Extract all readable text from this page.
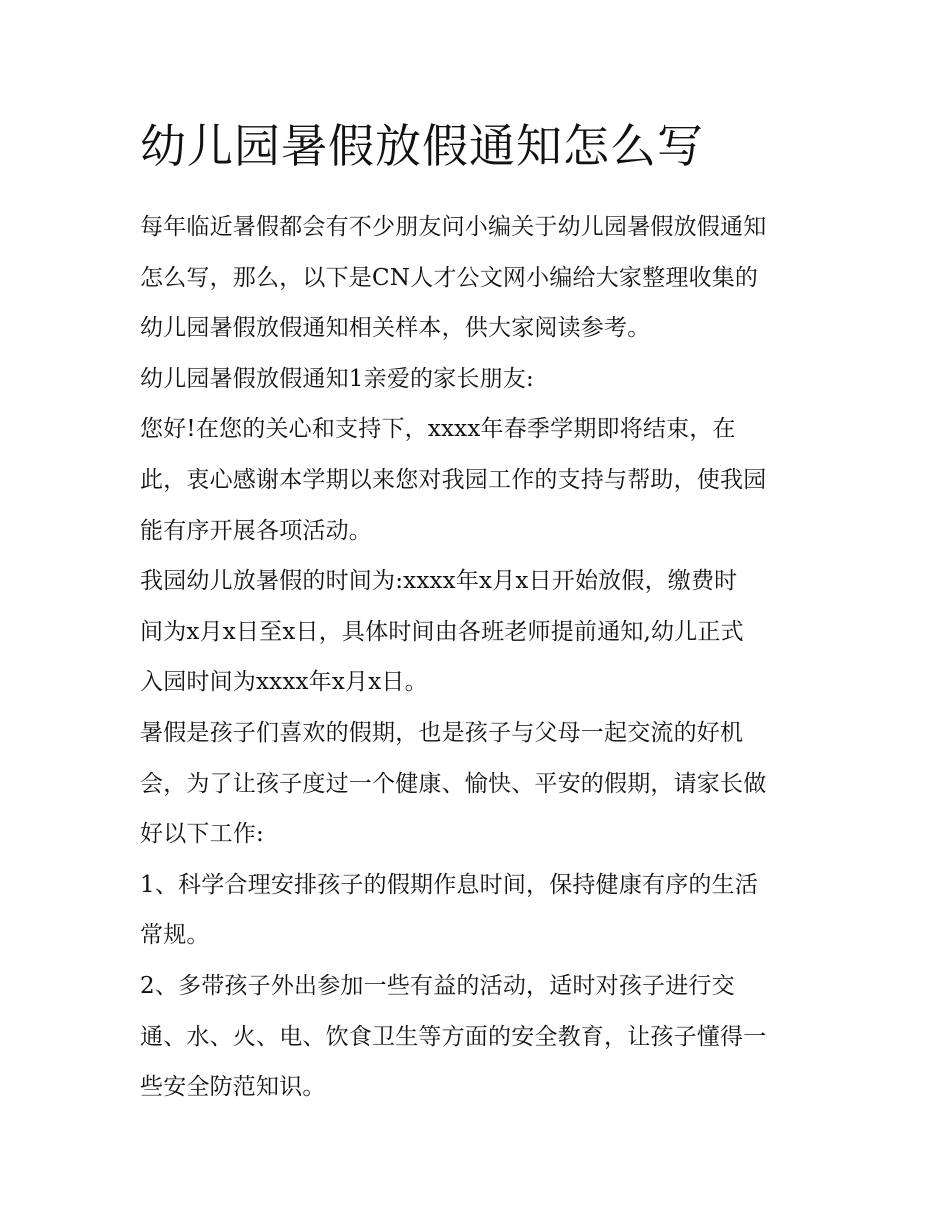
幼儿园暑假放假通知怎么写

每年临近暑假都会有不少朋友问小编关于幼儿园暑假放假通知
怎么写，那么，以下是CN人才公文网小编给大家整理收集的
幼儿园暑假放假通知相关样本，供大家阅读参考。

幼儿园暑假放假通知1亲爱的家长朋友:

您好!在您的关心和支持下，xxxx年春季学期即将结束，在
此，衷心感谢本学期以来您对我园工作的支持与帮助，使我园
能有序开展各项活动。

我园幼儿放暑假的时间为:xxxx年x月x日开始放假，缴费时
间为x月x日至x日，具体时间由各班老师提前通知,幼儿正式
入园时间为xxxx年x月x日。

暑假是孩子们喜欢的假期，也是孩子与父母一起交流的好机
会，为了让孩子度过一个健康、愉快、平安的假期，请家长做
好以下工作:

1、科学合理安排孩子的假期作息时间，保持健康有序的生活
常规。

2、多带孩子外出参加一些有益的活动，适时对孩子进行交
通、水、火、电、饮食卫生等方面的安全教育，让孩子懂得一
些安全防范知识。
